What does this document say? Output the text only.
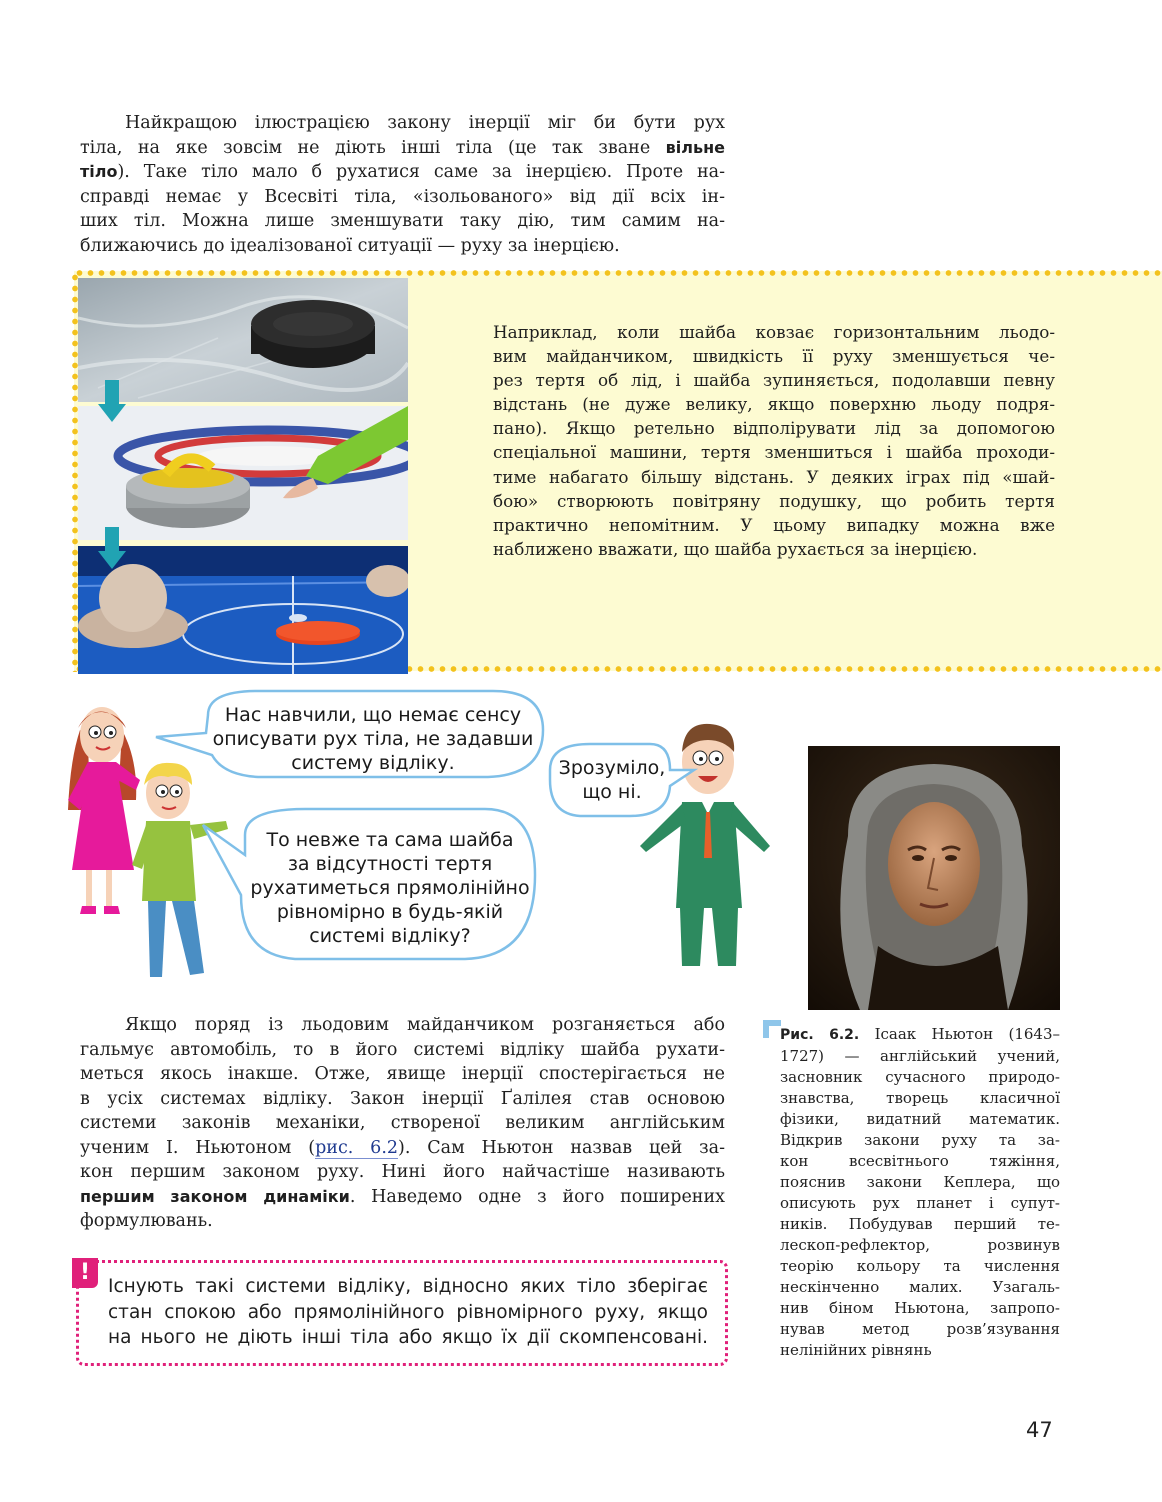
Найкращою ілюстрацією закону інерції міг би бути рух
тіла, на яке зовсім не діють інші тіла (це так зване вільне
тіло). Таке тіло мало б рухатися саме за інерцією. Проте на-
справді немає у Всесвіті тіла, «ізольованого» від дії всіх ін-
ших тіл. Можна лише зменшувати таку дію, тим самим на-
ближаючись до ідеалізованої ситуації — руху за інерцією.
Наприклад, коли шайба ковзає горизонтальним льодо-
вим майданчиком, швидкість її руху зменшується че-
рез тертя об лід, і шайба зупиняється, подолавши певну
відстань (не дуже велику, якщо поверхню льоду подря-
пано). Якщо ретельно відполірувати лід за допомогою
спеціальної машини, тертя зменшиться і шайба проходи-
тиме набагато більшу відстань. У деяких іграх під «шай-
бою» створюють повітряну подушку, що робить тертя
практично непомітним. У цьому випадку можна вже
наближено вважати, що шайба рухається за інерцією.
Нас навчили, що немає сенсу
описувати рух тіла, не задавши
систему відліку.
То невже та сама шайба
за відсутності тертя
рухатиметься прямолінійно
рівномірно в будь-якій
системі відліку?
Зрозуміло,
що ні.
Рис. 6.2. Ісаак Ньютон (1643–
1727) — англійський учений,
засновник сучасного природо-
знавства, творець класичної
фізики, видатний математик.
Відкрив закони руху та за-
кон всесвітнього тяжіння,
пояснив закони Кеплера, що
описують рух планет і супут-
ників. Побудував перший те-
лескоп-рефлектор, розвинув
теорію кольору та числення
нескінченно малих. Узагаль-
нив біном Ньютона, запропо-
нував метод розв’язування
нелінійних рівнянь
Якщо поряд із льодовим майданчиком розганяється або
гальмує автомобіль, то в його системі відліку шайба рухати-
меться якось інакше. Отже, явище інерції спостерігається не
в усіх системах відліку. Закон інерції Ґалілея став основою
системи законів механіки, створеної великим англійським
ученим І. Ньютоном (рис. 6.2). Сам Ньютон назвав цей за-
кон першим законом руху. Нині його найчастіше називають
першим законом динаміки. Наведемо одне з його поширених
формулювань.
!
Існують такі системи відліку, відносно яких тіло зберігає
стан спокою або прямолінійного рівномірного руху, якщо
на нього не діють інші тіла або якщо їх дії скомпенсовані.
47
